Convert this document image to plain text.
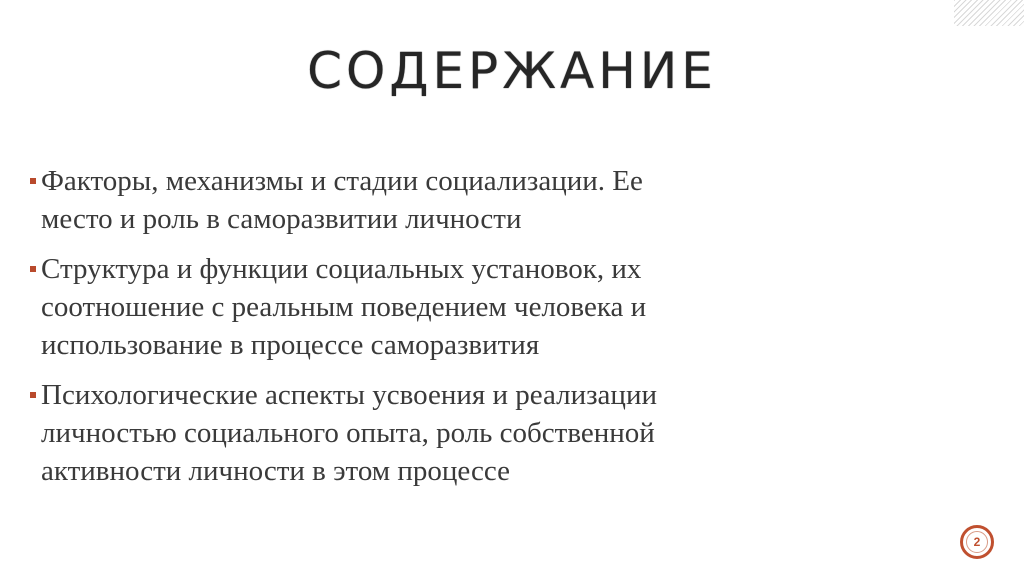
СОДЕРЖАНИЕ
Факторы, механизмы и стадии социализации. Ее
место и роль в саморазвитии личности
Структура и функции социальных установок, их
соотношение с реальным поведением человека и
использование в процессе саморазвития
Психологические аспекты усвоения и реализации
личностью социального опыта, роль собственной
активности личности в этом процессе
2
